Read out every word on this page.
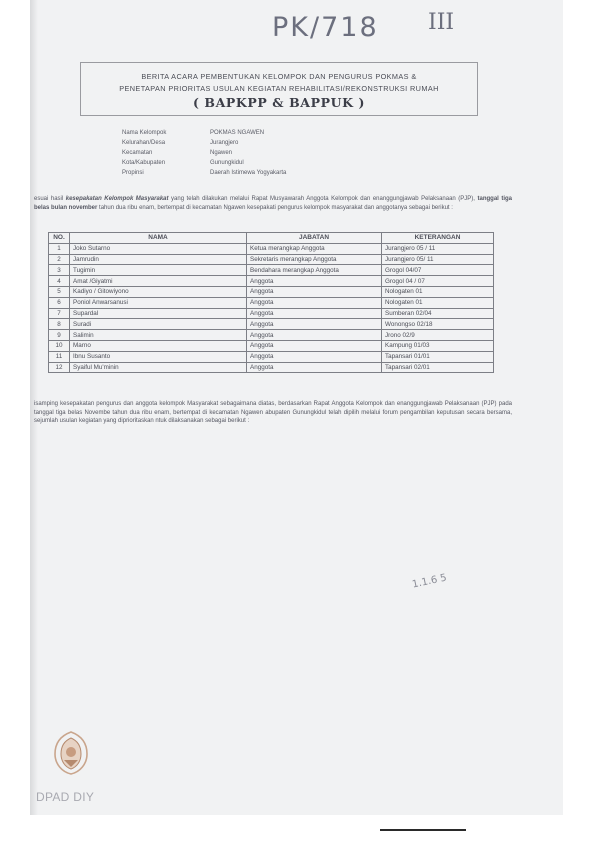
PK/718 III
BERITA ACARA PEMBENTUKAN KELOMPOK DAN PENGURUS POKMAS &
PENETAPAN PRIORITAS USULAN KEGIATAN REHABILITASI/REKONSTRUKSI RUMAH
( BAPKPP & BAPPUK )
Nama Kelompok	POKMAS NGAWEN
Kelurahan/Desa	Jurangjero
Kecamatan	Ngawen
Kota/Kabupaten	Gunungkidul
Propinsi	Daerah Istimewa Yogyakarta
esuai hasil kesepakatan Kelompok Masyarakat yang telah dilakukan melalui Rapat Musyawarah Anggota Kelompok dan enanggungjawab Pelaksanaan (PJP), tanggal tiga belas bulan november tahun dua ribu enam, bertempat di kecamatan Ngawen kesepakati pengurus kelompok masyarakat dan anggotanya sebagai berikut :
NO.	NAMA	JABATAN	KETERANGAN
1	Joko Sutarno	Ketua merangkap Anggota	Jurangjero 05 / 11
2	Jamrudin	Sekretaris merangkap Anggota	Jurangjero 05/ 11
3	Tugimin	Bendahara merangkap Anggota	Grogol 04/07
4	Amat /Giyatmi	Anggota	Grogol 04 / 07
5	Kadiyo / Gitowiyono	Anggota	Nologaten 01
6	Poniol Anwarsanusi	Anggota	Nologaten 01
7	Supardal	Anggota	Sumberan 02/04
8	Suradi	Anggota	Wonongso 02/18
9	Salimin	Anggota	Jrono 02/9
10	Marno	Anggota	Kampung 01/03
11	Ibnu Susanto	Anggota	Tapansari 01/01
12	Syaiful Mu'minin	Anggota	Tapansari 02/01
isamping kesepakatan pengurus dan anggota kelompok Masyarakat sebagaimana diatas, berdasarkan Rapat Anggota Kelompok dan enanggungjawab Pelaksanaan (PJP) pada tanggal tiga belas Novembe tahun dua ribu enam, bertempat di kecamatan Ngawen abupaten Gunungkidul telah dipilih melalui forum pengambilan keputusan secara bersama, sejumlah usulan kegiatan yang diprioritaskan ntuk dilaksanakan sebagai berikut :
1.1.6 5
DPAD DIY
